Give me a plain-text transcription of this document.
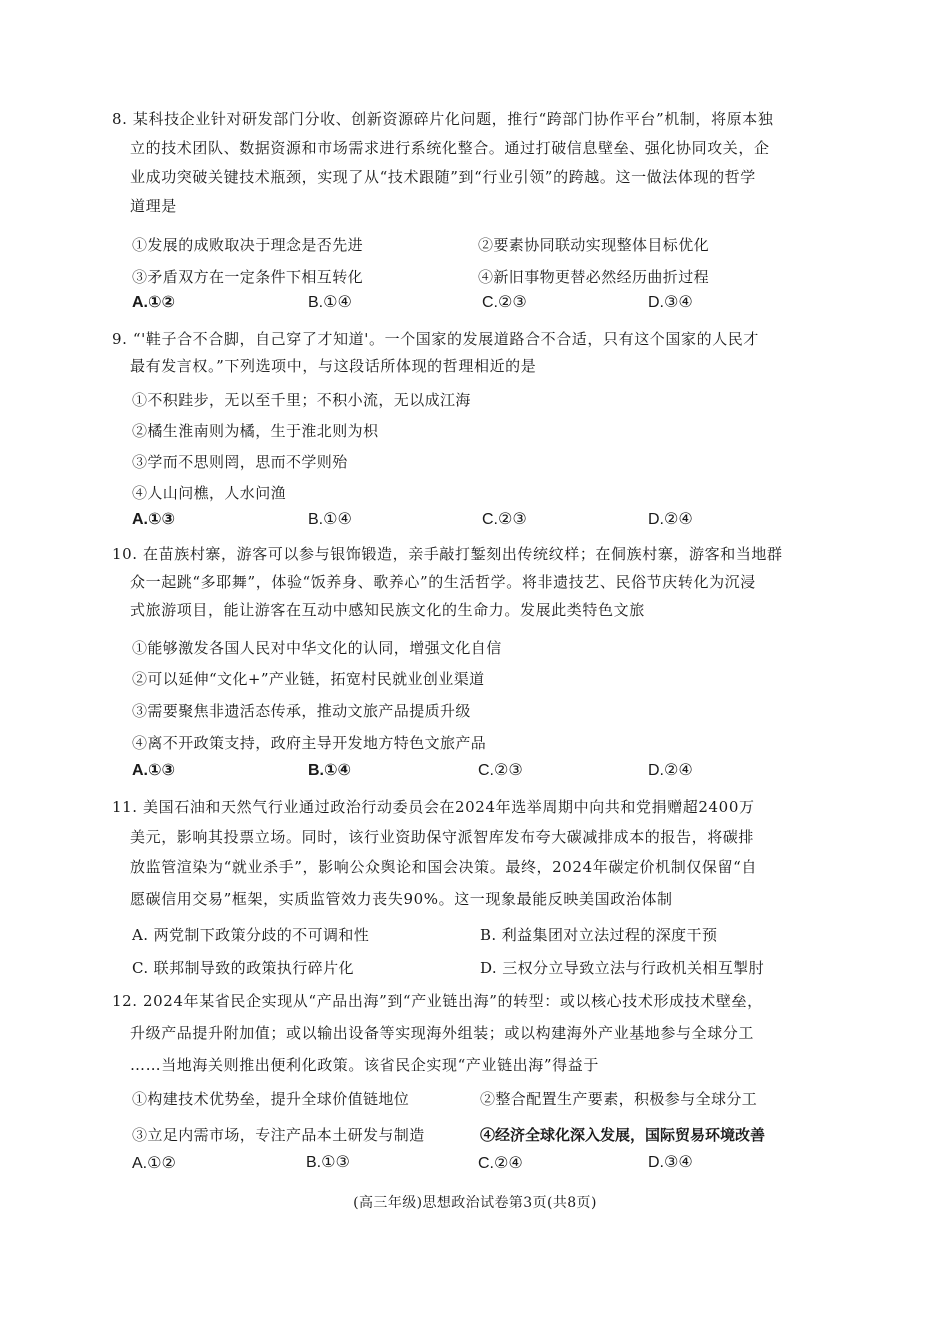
8. 某科技企业针对研发部门分收、创新资源碎片化问题，推行“跨部门协作平台”机制，将原本独
立的技术团队、数据资源和市场需求进行系统化整合。通过打破信息壁垒、强化协同攻关，企
业成功突破关键技术瓶颈，实现了从“技术跟随”到“行业引领”的跨越。这一做法体现的哲学
道理是
①发展的成败取决于理念是否先进	②要素协同联动实现整体目标优化
③矛盾双方在一定条件下相互转化	④新旧事物更替必然经历曲折过程
A.①②	B.①④	C.②③	D.③④
9. “'鞋子合不合脚，自己穿了才知道'。一个国家的发展道路合不合适，只有这个国家的人民才
最有发言权。”下列选项中，与这段话所体现的哲理相近的是
①不积跬步，无以至千里；不积小流，无以成江海
②橘生淮南则为橘，生于淮北则为枳
③学而不思则罔，思而不学则殆
④人山问樵，人水问渔
A.①③	B.①④	C.②③	D.②④
10. 在苗族村寨，游客可以参与银饰锻造，亲手敲打錾刻出传统纹样；在侗族村寨，游客和当地群
众一起跳“多耶舞”，体验“饭养身、歌养心”的生活哲学。将非遗技艺、民俗节庆转化为沉浸
式旅游项目，能让游客在互动中感知民族文化的生命力。发展此类特色文旅
①能够激发各国人民对中华文化的认同，增强文化自信
②可以延伸“文化+”产业链，拓宽村民就业创业渠道
③需要聚焦非遗活态传承，推动文旅产品提质升级
④离不开政策支持，政府主导开发地方特色文旅产品
A.①③	B.①④	C.②③	D.②④
11. 美国石油和天然气行业通过政治行动委员会在2024年选举周期中向共和党捐赠超2400万
美元，影响其投票立场。同时，该行业资助保守派智库发布夸大碳减排成本的报告，将碳排
放监管渲染为“就业杀手”，影响公众舆论和国会决策。最终，2024年碳定价机制仅保留“自
愿碳信用交易”框架，实质监管效力丧失90%。这一现象最能反映美国政治体制
A. 两党制下政策分歧的不可调和性	B. 利益集团对立法过程的深度干预
C. 联邦制导致的政策执行碎片化	D. 三权分立导致立法与行政机关相互掣肘
12. 2024年某省民企实现从“产品出海”到“产业链出海”的转型：或以核心技术形成技术壁垒，
升级产品提升附加值；或以输出设备等实现海外组装；或以构建海外产业基地参与全球分工
……当地海关则推出便利化政策。该省民企实现“产业链出海”得益于
①构建技术优势垒，提升全球价值链地位	②整合配置生产要素，积极参与全球分工
③立足内需市场，专注产品本土研发与制造	④经济全球化深入发展，国际贸易环境改善
A.①②	B.①③	C.②④	D.③④
(高三年级)思想政治试卷第3页(共8页)
